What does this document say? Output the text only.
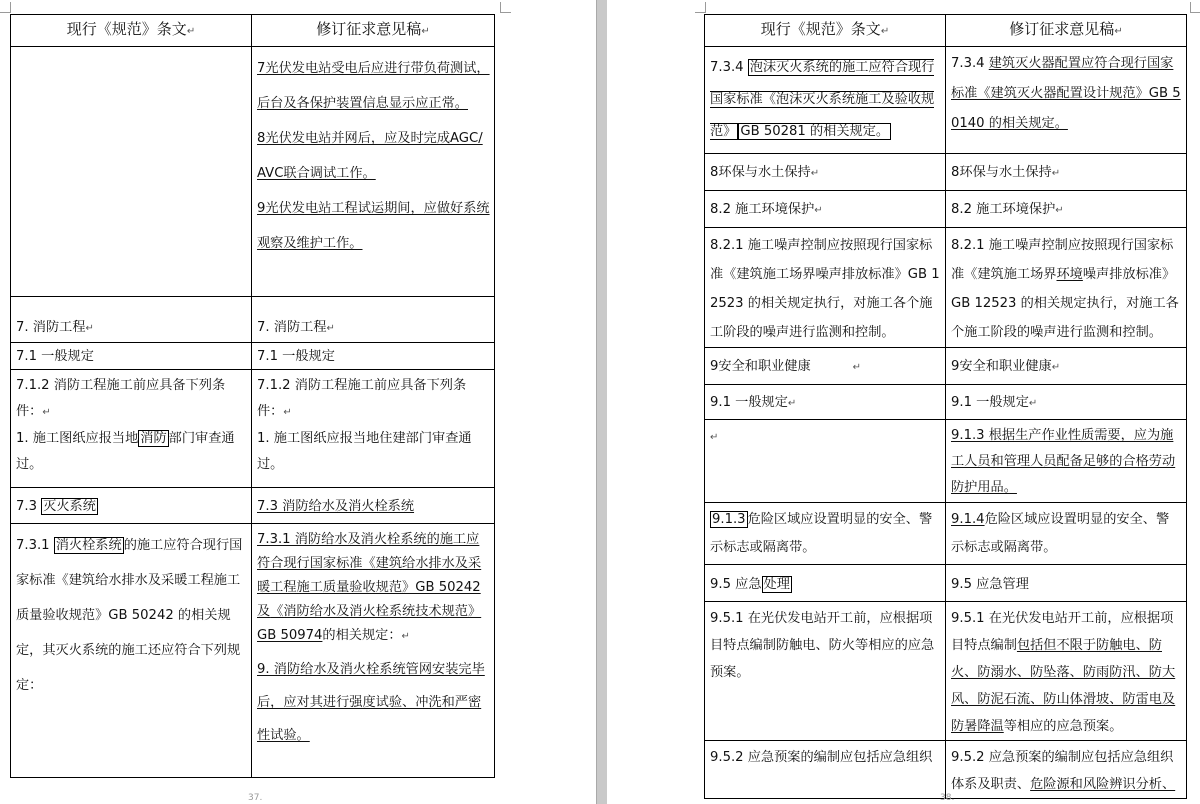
现行《规范》条文↵	修订征求意见稿↵

	7光伏发电站受电后应进行带负荷测试，后台及各保护装置信息显示应正常。
8光伏发电站并网后，应及时完成AGC/AVC联合调试工作。
9光伏发电站工程试运期间，应做好系统观察及维护工作。

7. 消防工程↵	7. 消防工程↵
7.1 一般规定	7.1 一般规定
7.1.2 消防工程施工前应具备下列条件：↵
1. 施工图纸应报当地 消防 部门审查通过。	7.1.2 消防工程施工前应具备下列条件：↵
1. 施工图纸应报当地住建部门审查通过。
7.3 灭火系统	7.3 消防给水及消火栓系统
7.3.1 消火栓系统 的施工应符合现行国家标准《建筑给水排水及采暖工程施工质量验收规范》GB 50242 的相关规定，其灭火系统的施工还应符合下列规定：	7.3.1 消防给水及消火栓系统的施工应符合现行国家标准《建筑给水排水及采暖工程施工质量验收规范》GB 50242 及《消防给水及消火栓系统技术规范》GB 50974的相关规定：↵
9. 消防给水及消火栓系统管网安装完毕后，应对其进行强度试验、冲洗和严密性试验。
现行《规范》条文↵	修订征求意见稿↵
7.3.4 泡沫灭火系统的施工应符合现行国家标准《泡沫灭火系统施工及验收规范》 GB 50281 的相关规定。	7.3.4 建筑灭火器配置应符合现行国家标准《建筑灭火器配置设计规范》GB 50140 的相关规定。
8环保与水土保持↵	8环保与水土保持↵
8.2 施工环境保护↵	8.2 施工环境保护↵
8.2.1 施工噪声控制应按照现行国家标准《建筑施工场界噪声排放标准》GB 12523 的相关规定执行，对施工各个施工阶段的噪声进行监测和控制。	8.2.1 施工噪声控制应按照现行国家标准《建筑施工场界环境噪声排放标准》GB 12523 的相关规定执行，对施工各个施工阶段的噪声进行监测和控制。
9安全和职业健康 ↵	9安全和职业健康↵
9.1 一般规定↵	9.1 一般规定↵
↵	9.1.3 根据生产作业性质需要，应为施工人员和管理人员配备足够的合格劳动防护用品。
9.1.3 危险区域应设置明显的安全、警示标志或隔离带。	9.1.4危险区域应设置明显的安全、警示标志或隔离带。
9.5 应急 处理	9.5 应急管理
9.5.1 在光伏发电站开工前，应根据项目特点编制防触电、防火等相应的应急预案。	9.5.1 在光伏发电站开工前，应根据项目特点编制包括但不限于防触电、防火、防溺水、防坠落、防雨防汛、防大风、防泥石流、防山体滑坡、防雷电及防暑降温等相应的应急预案。
9.5.2 应急预案的编制应包括应急组织	9.5.2 应急预案的编制应包括应急组织体系及职责、危险源和风险辨识分析、
37.	38.
